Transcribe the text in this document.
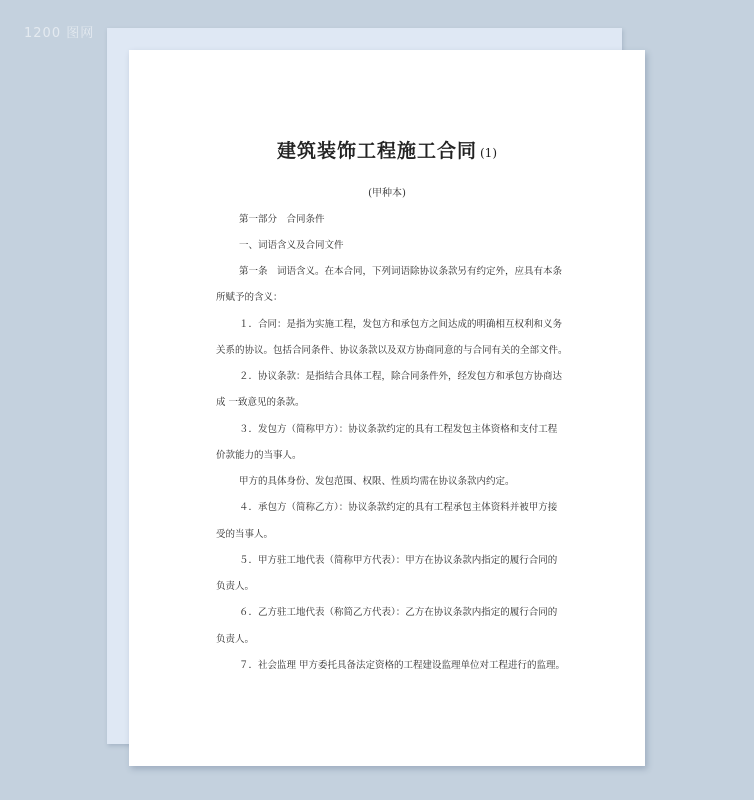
1200 图网
建筑装饰工程施工合同 (1)
(甲种本)
第一部分　合同条件
一、词语含义及合同文件
第一条　词语含义。在本合同，下列词语除协议条款另有约定外，应具有本条
所赋予的含义：
１．合同：是指为实施工程，发包方和承包方之间达成的明确相互权利和义务
关系的协议。包括合同条件、协议条款以及双方协商同意的与合同有关的全部文件。
２．协议条款：是指结合具体工程，除合同条件外，经发包方和承包方协商达
成 一致意见的条款。
３．发包方（简称甲方）：协议条款约定的具有工程发包主体资格和支付工程
价款能力的当事人。
甲方的具体身份、发包范围、权限、性质均需在协议条款内约定。
４．承包方（简称乙方）：协议条款约定的具有工程承包主体资料并被甲方接
受的当事人。
５．甲方驻工地代表（简称甲方代表）：甲方在协议条款内指定的履行合同的
负责人。
６．乙方驻工地代表（称简乙方代表）：乙方在协议条款内指定的履行合同的
负责人。
７．社会监理 甲方委托具备法定资格的工程建设监理单位对工程进行的监理。
